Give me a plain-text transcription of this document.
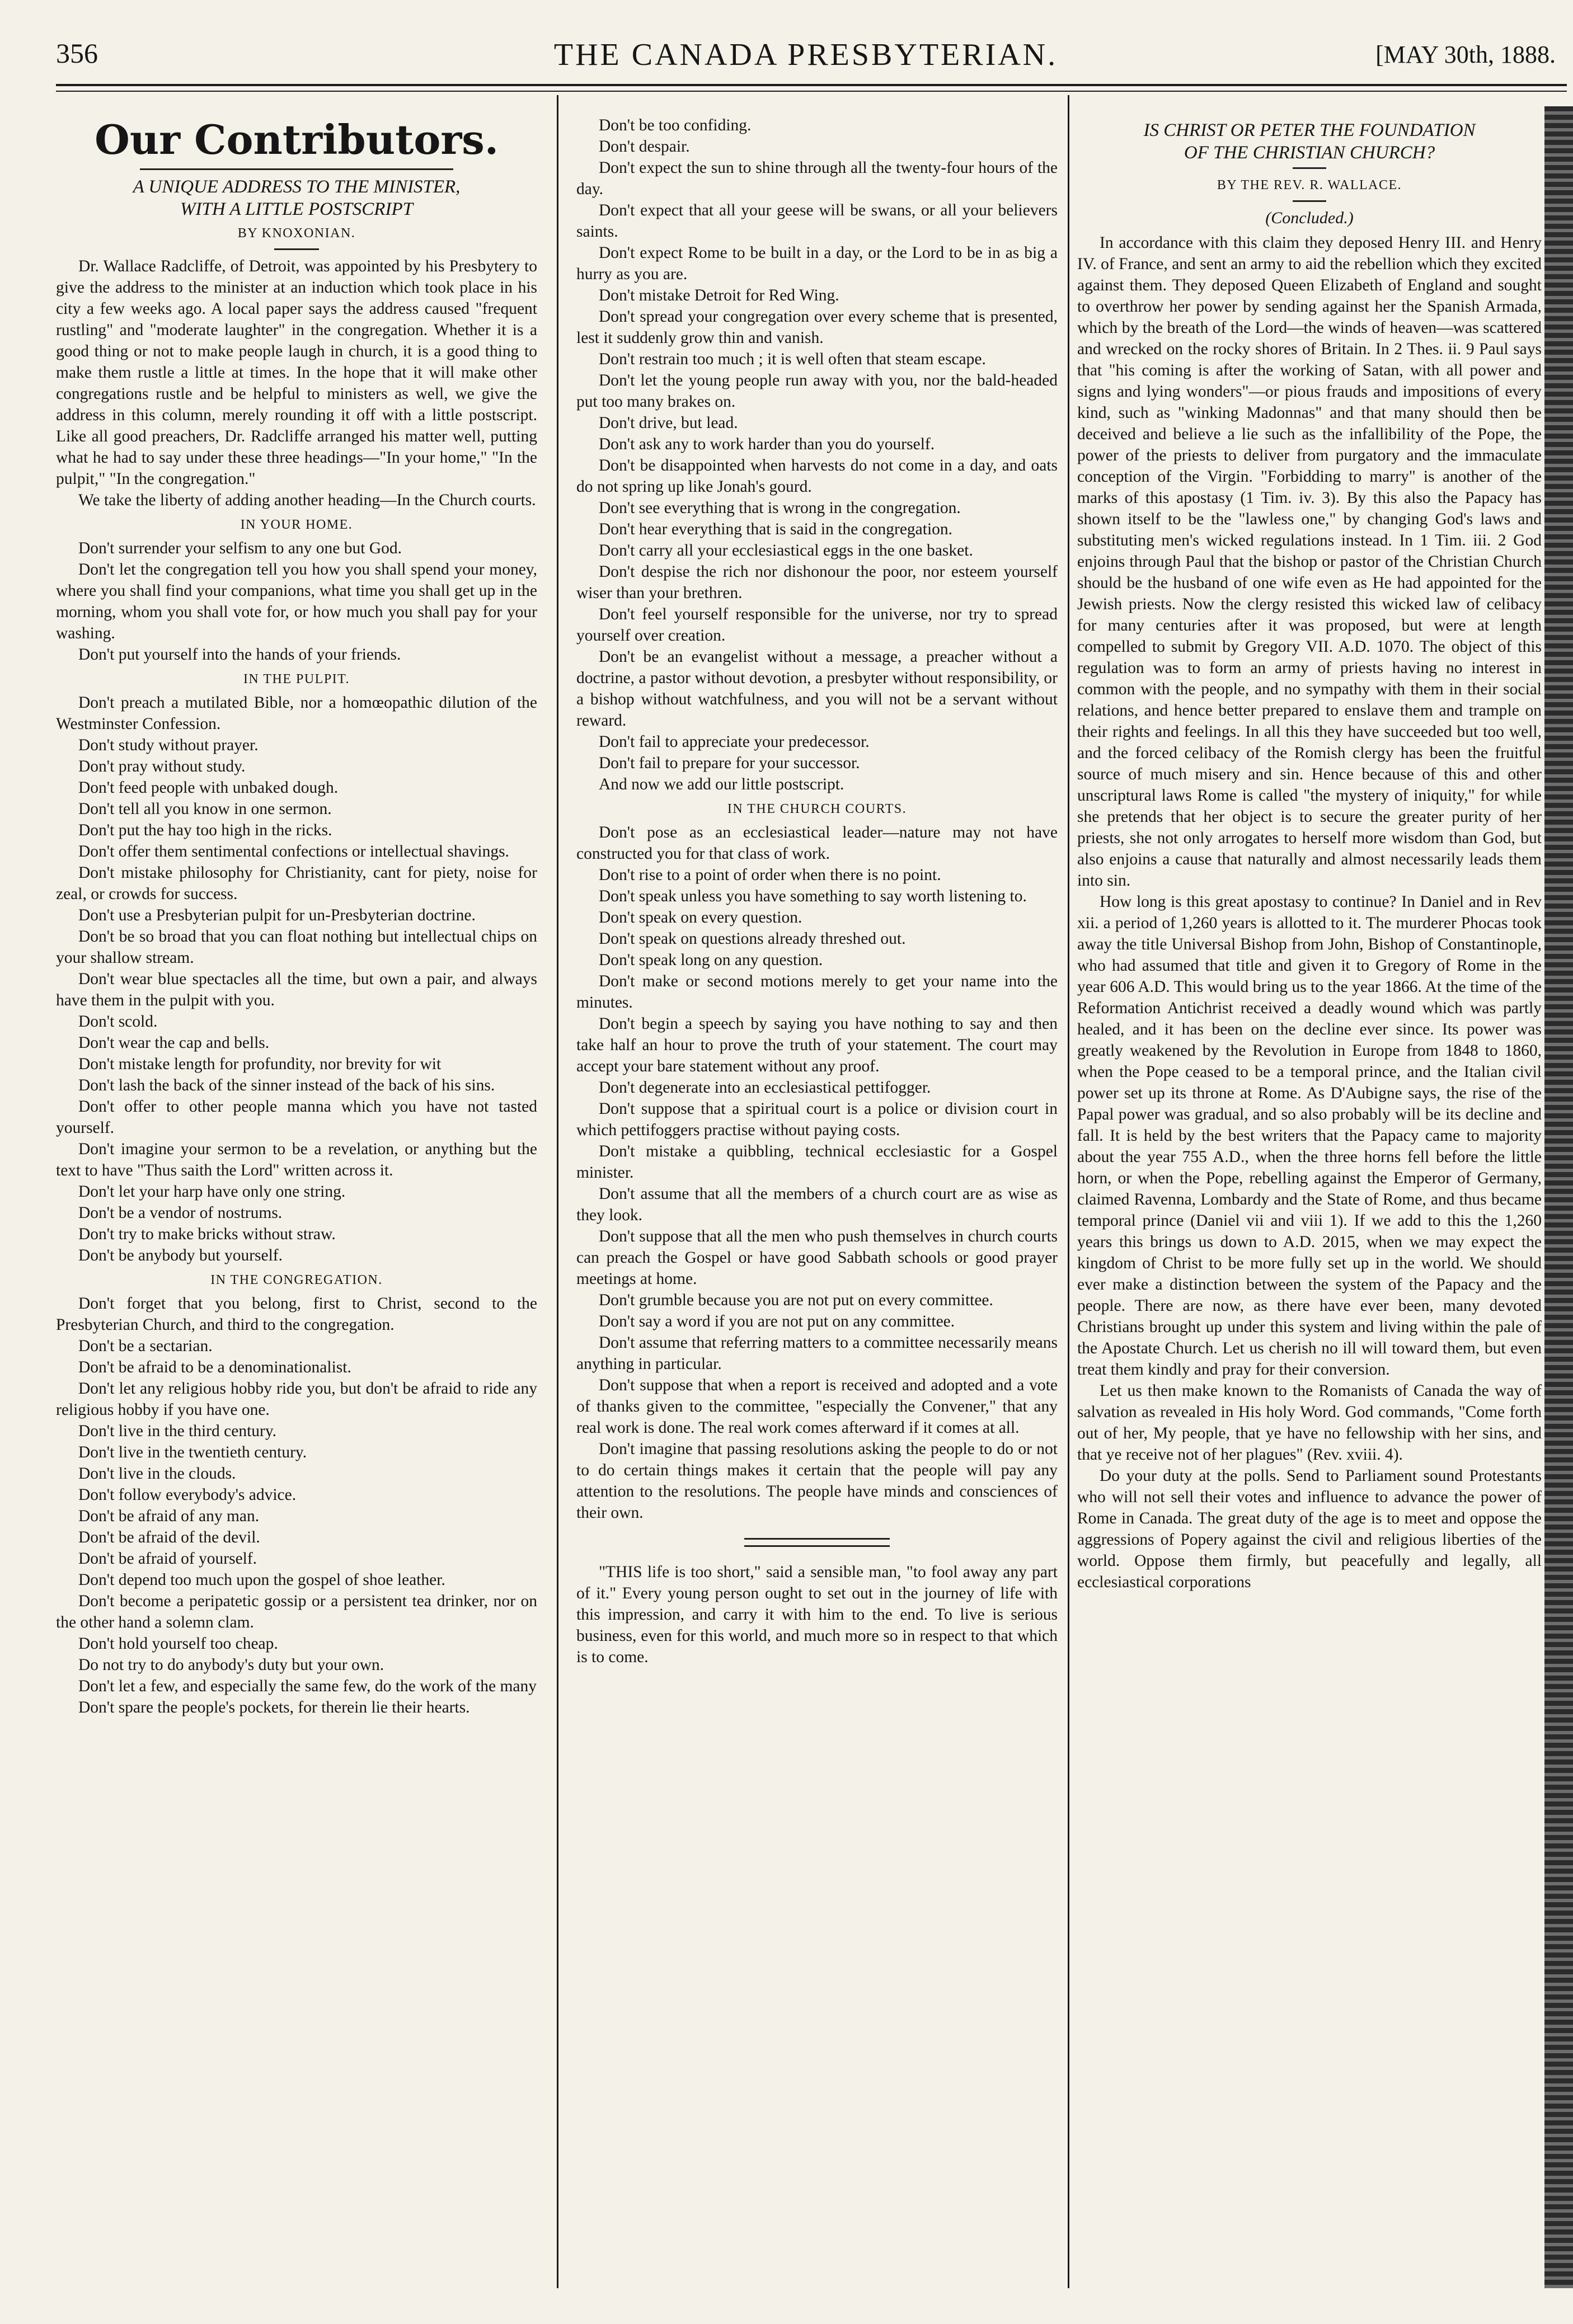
356	THE CANADA PRESBYTERIAN.	[MAY 30th, 1888.
Our Contributors.
A UNIQUE ADDRESS TO THE MINISTER,
WITH A LITTLE POSTSCRIPT
BY KNOXONIAN.

Dr. Wallace Radcliffe, of Detroit, was appointed by his Presbytery to give the address to the minister at an induction which took place in his city a few weeks ago. A local paper says the address caused "frequent rustling" and "moderate laughter" in the congregation. Whether it is a good thing or not to make people laugh in church, it is a good thing to make them rustle a little at times. In the hope that it will make other congregations rustle and be helpful to ministers as well, we give the address in this column, merely rounding it off with a little postscript. Like all good preachers, Dr. Radcliffe arranged his matter well, putting what he had to say under these three headings—"In your home," "In the pulpit," "In the congregation."

We take the liberty of adding another heading—In the Church courts.

IN YOUR HOME.

Don't surrender your selfism to any one but God.

Don't let the congregation tell you how you shall spend your money, where you shall find your companions, what time you shall get up in the morning, whom you shall vote for, or how much you shall pay for your washing.

Don't put yourself into the hands of your friends.

IN THE PULPIT.

Don't preach a mutilated Bible, nor a homœopathic dilution of the Westminster Confession.

Don't study without prayer.

Don't pray without study.

Don't feed people with unbaked dough.

Don't tell all you know in one sermon.

Don't put the hay too high in the ricks.

Don't offer them sentimental confections or intellectual shavings.

Don't mistake philosophy for Christianity, cant for piety, noise for zeal, or crowds for success.

Don't use a Presbyterian pulpit for un-Presbyterian doctrine.

Don't be so broad that you can float nothing but intellectual chips on your shallow stream.

Don't wear blue spectacles all the time, but own a pair, and always have them in the pulpit with you.

Don't scold.

Don't wear the cap and bells.

Don't mistake length for profundity, nor brevity for wit

Don't lash the back of the sinner instead of the back of his sins.

Don't offer to other people manna which you have not tasted yourself.

Don't imagine your sermon to be a revelation, or anything but the text to have "Thus saith the Lord" written across it.

Don't let your harp have only one string.

Don't be a vendor of nostrums.

Don't try to make bricks without straw.

Don't be anybody but yourself.

IN THE CONGREGATION.

Don't forget that you belong, first to Christ, second to the Presbyterian Church, and third to the congregation.

Don't be a sectarian.

Don't be afraid to be a denominationalist.

Don't let any religious hobby ride you, but don't be afraid to ride any religious hobby if you have one.

Don't live in the third century.

Don't live in the twentieth century.

Don't live in the clouds.

Don't follow everybody's advice.

Don't be afraid of any man.

Don't be afraid of the devil.

Don't be afraid of yourself.

Don't depend too much upon the gospel of shoe leather.

Don't become a peripatetic gossip or a persistent tea drinker, nor on the other hand a solemn clam.

Don't hold yourself too cheap.

Do not try to do anybody's duty but your own.

Don't let a few, and especially the same few, do the work of the many

Don't spare the people's pockets, for therein lie their hearts.

Don't be too confiding.

Don't despair.

Don't expect the sun to shine through all the twenty-four hours of the day.

Don't expect that all your geese will be swans, or all your believers saints.

Don't expect Rome to be built in a day, or the Lord to be in as big a hurry as you are.

Don't mistake Detroit for Red Wing.

Don't spread your congregation over every scheme that is presented, lest it suddenly grow thin and vanish.

Don't restrain too much ; it is well often that steam escape.

Don't let the young people run away with you, nor the bald-headed put too many brakes on.

Don't drive, but lead.

Don't ask any to work harder than you do yourself.

Don't be disappointed when harvests do not come in a day, and oats do not spring up like Jonah's gourd.

Don't see everything that is wrong in the congregation.

Don't hear everything that is said in the congregation.

Don't carry all your ecclesiastical eggs in the one basket.

Don't despise the rich nor dishonour the poor, nor esteem yourself wiser than your brethren.

Don't feel yourself responsible for the universe, nor try to spread yourself over creation.

Don't be an evangelist without a message, a preacher without a doctrine, a pastor without devotion, a presbyter without responsibility, or a bishop without watchfulness, and you will not be a servant without reward.

Don't fail to appreciate your predecessor.

Don't fail to prepare for your successor.

And now we add our little postscript.

IN THE CHURCH COURTS.

Don't pose as an ecclesiastical leader—nature may not have constructed you for that class of work.

Don't rise to a point of order when there is no point.

Don't speak unless you have something to say worth listening to.

Don't speak on every question.

Don't speak on questions already threshed out.

Don't speak long on any question.

Don't make or second motions merely to get your name into the minutes.

Don't begin a speech by saying you have nothing to say and then take half an hour to prove the truth of your statement. The court may accept your bare statement without any proof.

Don't degenerate into an ecclesiastical pettifogger.

Don't suppose that a spiritual court is a police or division court in which pettifoggers practise without paying costs.

Don't mistake a quibbling, technical ecclesiastic for a Gospel minister.

Don't assume that all the members of a church court are as wise as they look.

Don't suppose that all the men who push themselves in church courts can preach the Gospel or have good Sabbath schools or good prayer meetings at home.

Don't grumble because you are not put on every committee.

Don't say a word if you are not put on any committee.

Don't assume that referring matters to a committee necessarily means anything in particular.

Don't suppose that when a report is received and adopted and a vote of thanks given to the committee, "especially the Convener," that any real work is done. The real work comes afterward if it comes at all.

Don't imagine that passing resolutions asking the people to do or not to do certain things makes it certain that the people will pay any attention to the resolutions. The people have minds and consciences of their own.

"THIS life is too short," said a sensible man, "to fool away any part of it." Every young person ought to set out in the journey of life with this impression, and carry it with him to the end. To live is serious business, even for this world, and much more so in respect to that which is to come.

IS CHRIST OR PETER THE FOUNDATION
OF THE CHRISTIAN CHURCH?
BY THE REV. R. WALLACE.
(Concluded.)

In accordance with this claim they deposed Henry III. and Henry IV. of France, and sent an army to aid the rebellion which they excited against them. They deposed Queen Elizabeth of England and sought to overthrow her power by sending against her the Spanish Armada, which by the breath of the Lord—the winds of heaven—was scattered and wrecked on the rocky shores of Britain. In 2 Thes. ii. 9 Paul says that "his coming is after the working of Satan, with all power and signs and lying wonders"—or pious frauds and impositions of every kind, such as "winking Madonnas" and that many should then be deceived and believe a lie such as the infallibility of the Pope, the power of the priests to deliver from purgatory and the immaculate conception of the Virgin. "Forbidding to marry" is another of the marks of this apostasy (1 Tim. iv. 3). By this also the Papacy has shown itself to be the "lawless one," by changing God's laws and substituting men's wicked regulations instead. In 1 Tim. iii. 2 God enjoins through Paul that the bishop or pastor of the Christian Church should be the husband of one wife even as He had appointed for the Jewish priests. Now the clergy resisted this wicked law of celibacy for many centuries after it was proposed, but were at length compelled to submit by Gregory VII. A.D. 1070. The object of this regulation was to form an army of priests having no interest in common with the people, and no sympathy with them in their social relations, and hence better prepared to enslave them and trample on their rights and feelings. In all this they have succeeded but too well, and the forced celibacy of the Romish clergy has been the fruitful source of much misery and sin. Hence because of this and other unscriptural laws Rome is called "the mystery of iniquity," for while she pretends that her object is to secure the greater purity of her priests, she not only arrogates to herself more wisdom than God, but also enjoins a cause that naturally and almost necessarily leads them into sin.

How long is this great apostasy to continue? In Daniel and in Rev xii. a period of 1,260 years is allotted to it. The murderer Phocas took away the title Universal Bishop from John, Bishop of Constantinople, who had assumed that title and given it to Gregory of Rome in the year 606 A.D. This would bring us to the year 1866. At the time of the Reformation Antichrist received a deadly wound which was partly healed, and it has been on the decline ever since. Its power was greatly weakened by the Revolution in Europe from 1848 to 1860, when the Pope ceased to be a temporal prince, and the Italian civil power set up its throne at Rome. As D'Aubigne says, the rise of the Papal power was gradual, and so also probably will be its decline and fall. It is held by the best writers that the Papacy came to majority about the year 755 A.D., when the three horns fell before the little horn, or when the Pope, rebelling against the Emperor of Germany, claimed Ravenna, Lombardy and the State of Rome, and thus became temporal prince (Daniel vii and viii 1). If we add to this the 1,260 years this brings us down to A.D. 2015, when we may expect the kingdom of Christ to be more fully set up in the world. We should ever make a distinction between the system of the Papacy and the people. There are now, as there have ever been, many devoted Christians brought up under this system and living within the pale of the Apostate Church. Let us cherish no ill will toward them, but even treat them kindly and pray for their conversion.

Let us then make known to the Romanists of Canada the way of salvation as revealed in His holy Word. God commands, "Come forth out of her, My people, that ye have no fellowship with her sins, and that ye receive not of her plagues" (Rev. xviii. 4).

Do your duty at the polls. Send to Parliament sound Protestants who will not sell their votes and influence to advance the power of Rome in Canada. The great duty of the age is to meet and oppose the aggressions of Popery against the civil and religious liberties of the world. Oppose them firmly, but peacefully and legally, all ecclesiastical corporations
